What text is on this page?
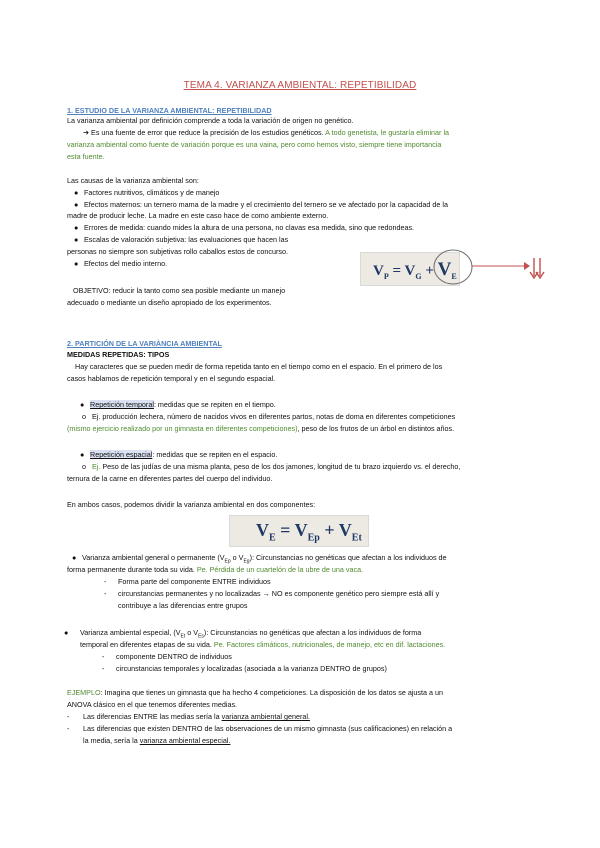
TEMA 4. VARIANZA AMBIENTAL: REPETIBILIDAD
1. ESTUDIO DE LA VARIANZA AMBIENTAL: REPETIBILIDAD
La varianza ambiental por definición comprende a toda la variación de origen no genético.
➔ Es una fuente de error que reduce la precisión de los estudios genéticos. A todo genetista, le gustaría eliminar la
varianza ambiental como fuente de variación porque es una vaina, pero como hemos visto, siempre tiene importancia
esta fuente.
Las causas de la varianza ambiental son:
● Factores nutritivos, climáticos y de manejo
● Efectos maternos: un ternero mama de la madre y el crecimiento del ternero se ve afectado por la capacidad de la
madre de producir leche. La madre en este caso hace de como ambiente externo.
● Errores de medida: cuando mides la altura de una persona, no clavas esa medida, sino que redondeas.
● Escalas de valoración subjetiva: las evaluaciones que hacen las
personas no siempre son subjetivas rollo caballos estos de concurso.
● Efectos del medio interno.
OBJETIVO: reducir la tanto como sea posible mediante un manejo
adecuado o mediante un diseño apropiado de los experimentos.
$V_P = V_G + V_E$
2. PARTICIÓN DE LA VARIÀNCIA AMBIENTAL
MEDIDAS REPETIDAS: TIPOS
Hay caracteres que se pueden medir de forma repetida tanto en el tiempo como en el espacio. En el primero de los
casos hablamos de repetición temporal y en el segundo espacial.
● Repetición temporal: medidas que se repiten en el tiempo.
o Ej. producción lechera, número de nacidos vivos en diferentes partos, notas de doma en diferentes competiciones
(mismo ejercicio realizado por un gimnasta en diferentes competiciones), peso de los frutos de un árbol en distintos años.
● Repetición espacial: medidas que se repiten en el espacio.
o Ej. Peso de las judías de una misma planta, peso de los dos jamones, longitud de tu brazo izquierdo vs. el derecho,
ternura de la carne en diferentes partes del cuerpo del individuo.
En ambos casos, podemos dividir la varianza ambiental en dos componentes:
$V_E = V_{Ep} + V_{Et}$
● Varianza ambiental general o permanente ($V_{Ep}$ o $V_{Eg}$): Circunstancias no genéticas que afectan a los individuos de
forma permanente durante toda su vida. Pe. Pérdida de un cuartelón de la ubre de una vaca.
- Forma parte del componente ENTRE individuos
- circunstancias permanentes y no localizadas → NO es componente genético pero siempre está allí y
contribuye a las diferencias entre grupos
● Varianza ambiental especial, ($V_{Et}$ o $V_{Es}$): Circunstancias no genéticas que afectan a los individuos de forma
temporal en diferentes etapas de su vida. Pe. Factores climáticos, nutricionales, de manejo, etc en dif. lactaciones.
- componente DENTRO de individuos
- circunstancias temporales y localizadas (asociada a la varianza DENTRO de grupos)
EJEMPLO: Imagina que tienes un gimnasta que ha hecho 4 competiciones. La disposición de los datos se ajusta a un
ANOVA clásico en el que tenemos diferentes medias.
- Las diferencias ENTRE las medias sería la varianza ambiental general.
- Las diferencias que existen DENTRO de las observaciones de un mismo gimnasta (sus calificaciones) en relación a
la media, sería la varianza ambiental especial.
